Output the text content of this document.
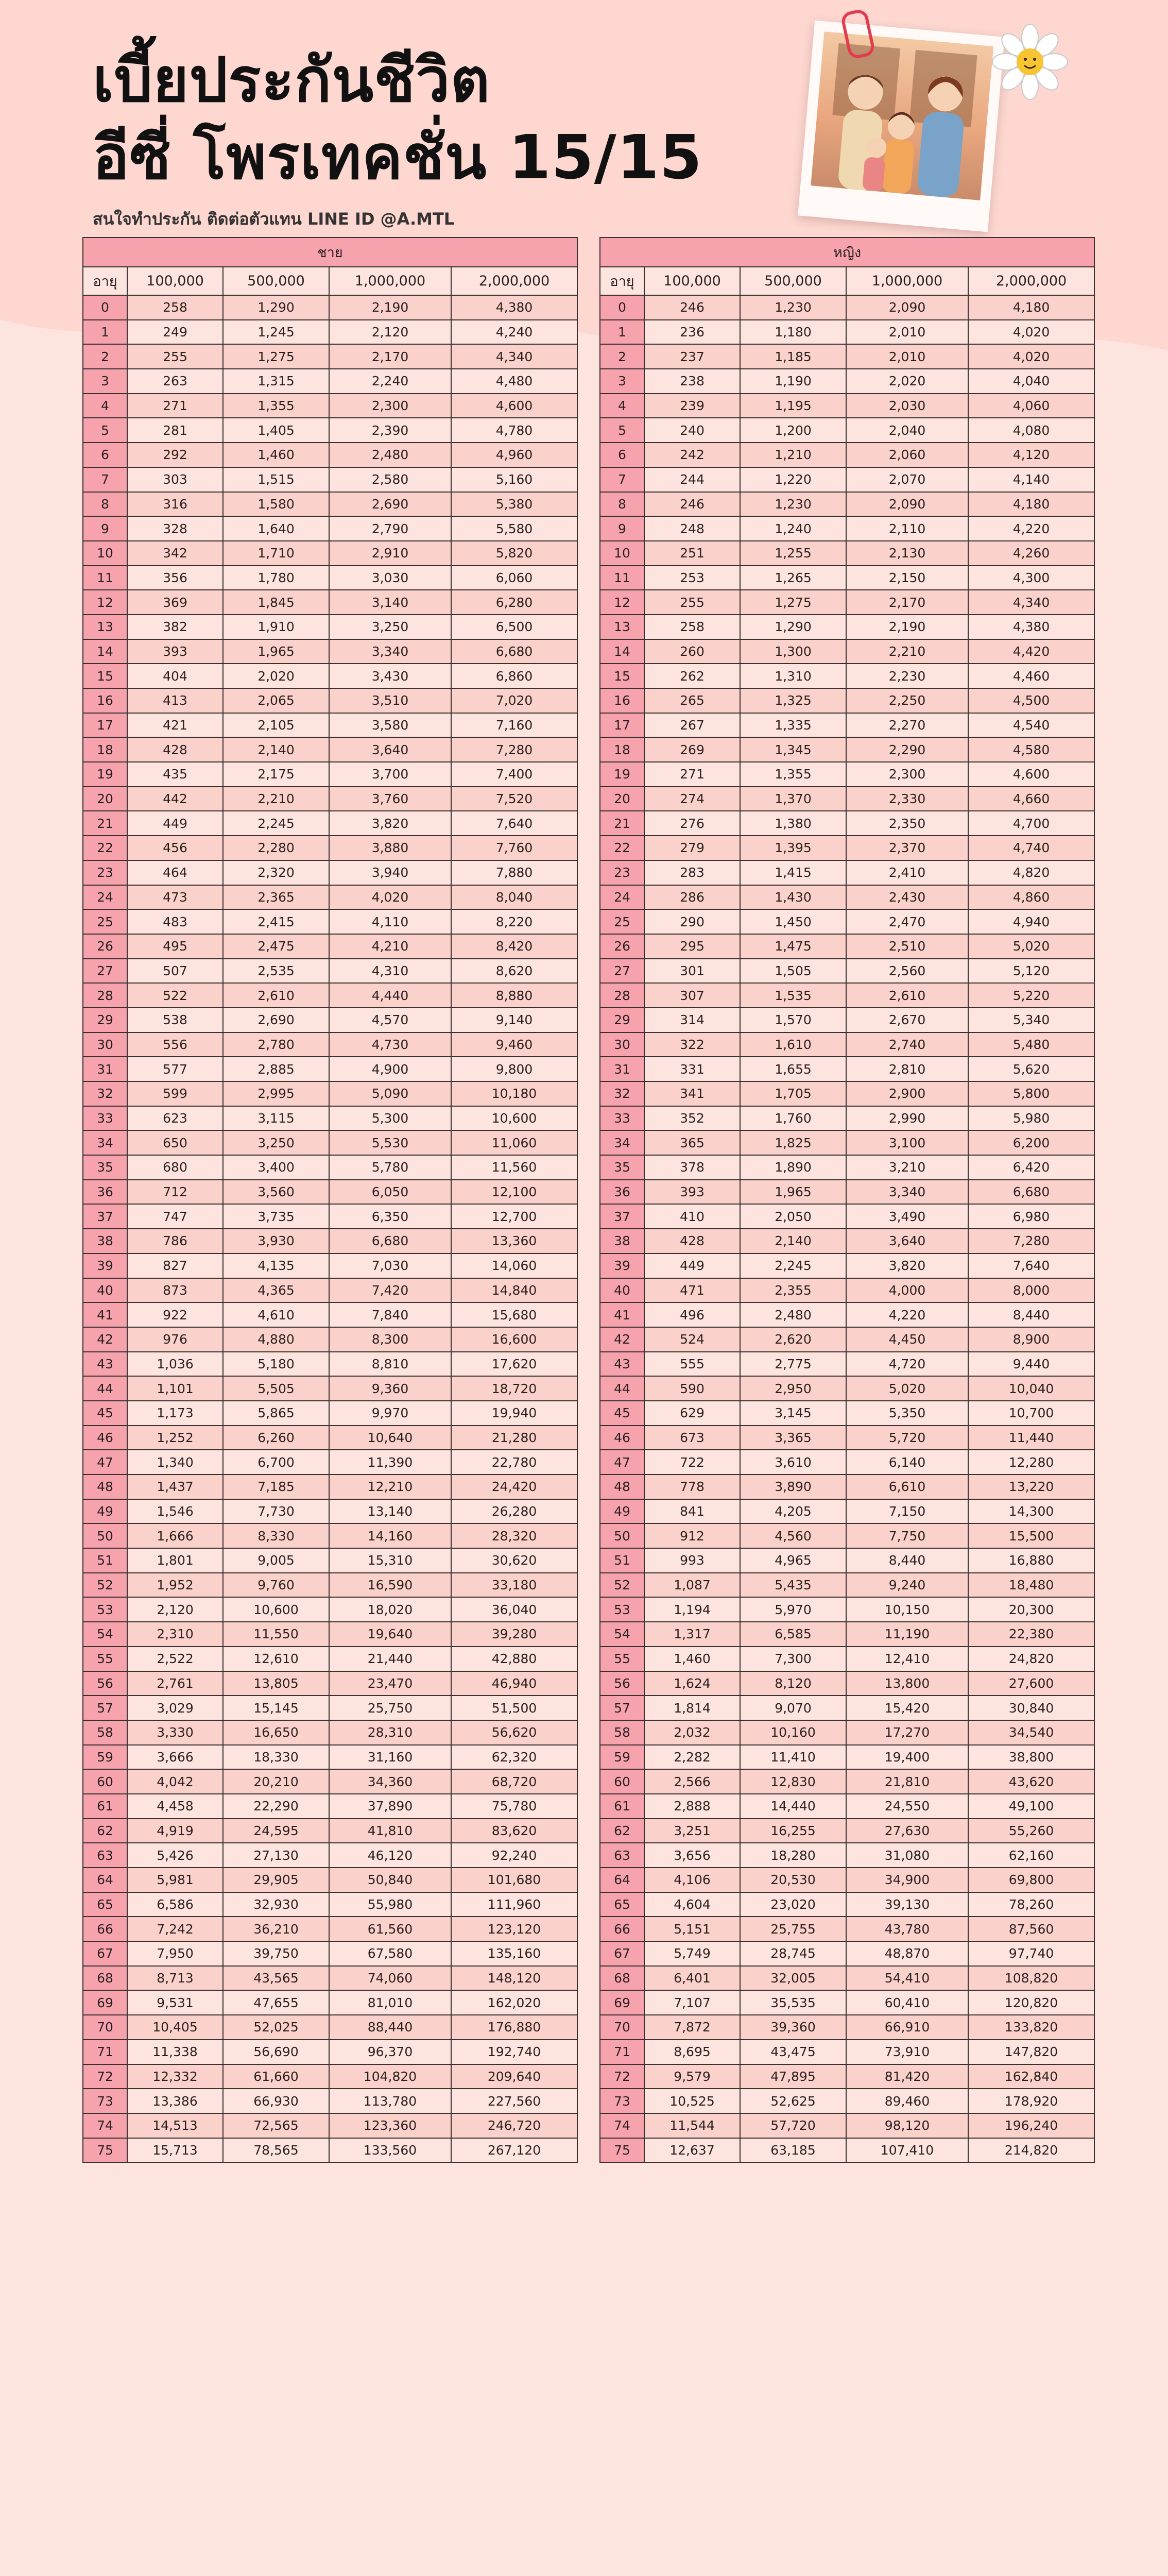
เบี้ยประกันชีวิต
อีซี่ โพรเทคชั่น 15/15
สนใจทำประกัน ติดต่อตัวแทน LINE ID @A.MTL
ชาย				
อายุ	100,000	500,000	1,000,000	2,000,000
0	258	1,290	2,190	4,380
1	249	1,245	2,120	4,240
2	255	1,275	2,170	4,340
3	263	1,315	2,240	4,480
4	271	1,355	2,300	4,600
5	281	1,405	2,390	4,780
6	292	1,460	2,480	4,960
7	303	1,515	2,580	5,160
8	316	1,580	2,690	5,380
9	328	1,640	2,790	5,580
10	342	1,710	2,910	5,820
11	356	1,780	3,030	6,060
12	369	1,845	3,140	6,280
13	382	1,910	3,250	6,500
14	393	1,965	3,340	6,680
15	404	2,020	3,430	6,860
16	413	2,065	3,510	7,020
17	421	2,105	3,580	7,160
18	428	2,140	3,640	7,280
19	435	2,175	3,700	7,400
20	442	2,210	3,760	7,520
21	449	2,245	3,820	7,640
22	456	2,280	3,880	7,760
23	464	2,320	3,940	7,880
24	473	2,365	4,020	8,040
25	483	2,415	4,110	8,220
26	495	2,475	4,210	8,420
27	507	2,535	4,310	8,620
28	522	2,610	4,440	8,880
29	538	2,690	4,570	9,140
30	556	2,780	4,730	9,460
31	577	2,885	4,900	9,800
32	599	2,995	5,090	10,180
33	623	3,115	5,300	10,600
34	650	3,250	5,530	11,060
35	680	3,400	5,780	11,560
36	712	3,560	6,050	12,100
37	747	3,735	6,350	12,700
38	786	3,930	6,680	13,360
39	827	4,135	7,030	14,060
40	873	4,365	7,420	14,840
41	922	4,610	7,840	15,680
42	976	4,880	8,300	16,600
43	1,036	5,180	8,810	17,620
44	1,101	5,505	9,360	18,720
45	1,173	5,865	9,970	19,940
46	1,252	6,260	10,640	21,280
47	1,340	6,700	11,390	22,780
48	1,437	7,185	12,210	24,420
49	1,546	7,730	13,140	26,280
50	1,666	8,330	14,160	28,320
51	1,801	9,005	15,310	30,620
52	1,952	9,760	16,590	33,180
53	2,120	10,600	18,020	36,040
54	2,310	11,550	19,640	39,280
55	2,522	12,610	21,440	42,880
56	2,761	13,805	23,470	46,940
57	3,029	15,145	25,750	51,500
58	3,330	16,650	28,310	56,620
59	3,666	18,330	31,160	62,320
60	4,042	20,210	34,360	68,720
61	4,458	22,290	37,890	75,780
62	4,919	24,595	41,810	83,620
63	5,426	27,130	46,120	92,240
64	5,981	29,905	50,840	101,680
65	6,586	32,930	55,980	111,960
66	7,242	36,210	61,560	123,120
67	7,950	39,750	67,580	135,160
68	8,713	43,565	74,060	148,120
69	9,531	47,655	81,010	162,020
70	10,405	52,025	88,440	176,880
71	11,338	56,690	96,370	192,740
72	12,332	61,660	104,820	209,640
73	13,386	66,930	113,780	227,560
74	14,513	72,565	123,360	246,720
75	15,713	78,565	133,560	267,120
หญิง				
อายุ	100,000	500,000	1,000,000	2,000,000
0	246	1,230	2,090	4,180
1	236	1,180	2,010	4,020
2	237	1,185	2,010	4,020
3	238	1,190	2,020	4,040
4	239	1,195	2,030	4,060
5	240	1,200	2,040	4,080
6	242	1,210	2,060	4,120
7	244	1,220	2,070	4,140
8	246	1,230	2,090	4,180
9	248	1,240	2,110	4,220
10	251	1,255	2,130	4,260
11	253	1,265	2,150	4,300
12	255	1,275	2,170	4,340
13	258	1,290	2,190	4,380
14	260	1,300	2,210	4,420
15	262	1,310	2,230	4,460
16	265	1,325	2,250	4,500
17	267	1,335	2,270	4,540
18	269	1,345	2,290	4,580
19	271	1,355	2,300	4,600
20	274	1,370	2,330	4,660
21	276	1,380	2,350	4,700
22	279	1,395	2,370	4,740
23	283	1,415	2,410	4,820
24	286	1,430	2,430	4,860
25	290	1,450	2,470	4,940
26	295	1,475	2,510	5,020
27	301	1,505	2,560	5,120
28	307	1,535	2,610	5,220
29	314	1,570	2,670	5,340
30	322	1,610	2,740	5,480
31	331	1,655	2,810	5,620
32	341	1,705	2,900	5,800
33	352	1,760	2,990	5,980
34	365	1,825	3,100	6,200
35	378	1,890	3,210	6,420
36	393	1,965	3,340	6,680
37	410	2,050	3,490	6,980
38	428	2,140	3,640	7,280
39	449	2,245	3,820	7,640
40	471	2,355	4,000	8,000
41	496	2,480	4,220	8,440
42	524	2,620	4,450	8,900
43	555	2,775	4,720	9,440
44	590	2,950	5,020	10,040
45	629	3,145	5,350	10,700
46	673	3,365	5,720	11,440
47	722	3,610	6,140	12,280
48	778	3,890	6,610	13,220
49	841	4,205	7,150	14,300
50	912	4,560	7,750	15,500
51	993	4,965	8,440	16,880
52	1,087	5,435	9,240	18,480
53	1,194	5,970	10,150	20,300
54	1,317	6,585	11,190	22,380
55	1,460	7,300	12,410	24,820
56	1,624	8,120	13,800	27,600
57	1,814	9,070	15,420	30,840
58	2,032	10,160	17,270	34,540
59	2,282	11,410	19,400	38,800
60	2,566	12,830	21,810	43,620
61	2,888	14,440	24,550	49,100
62	3,251	16,255	27,630	55,260
63	3,656	18,280	31,080	62,160
64	4,106	20,530	34,900	69,800
65	4,604	23,020	39,130	78,260
66	5,151	25,755	43,780	87,560
67	5,749	28,745	48,870	97,740
68	6,401	32,005	54,410	108,820
69	7,107	35,535	60,410	120,820
70	7,872	39,360	66,910	133,820
71	8,695	43,475	73,910	147,820
72	9,579	47,895	81,420	162,840
73	10,525	52,625	89,460	178,920
74	11,544	57,720	98,120	196,240
75	12,637	63,185	107,410	214,820
